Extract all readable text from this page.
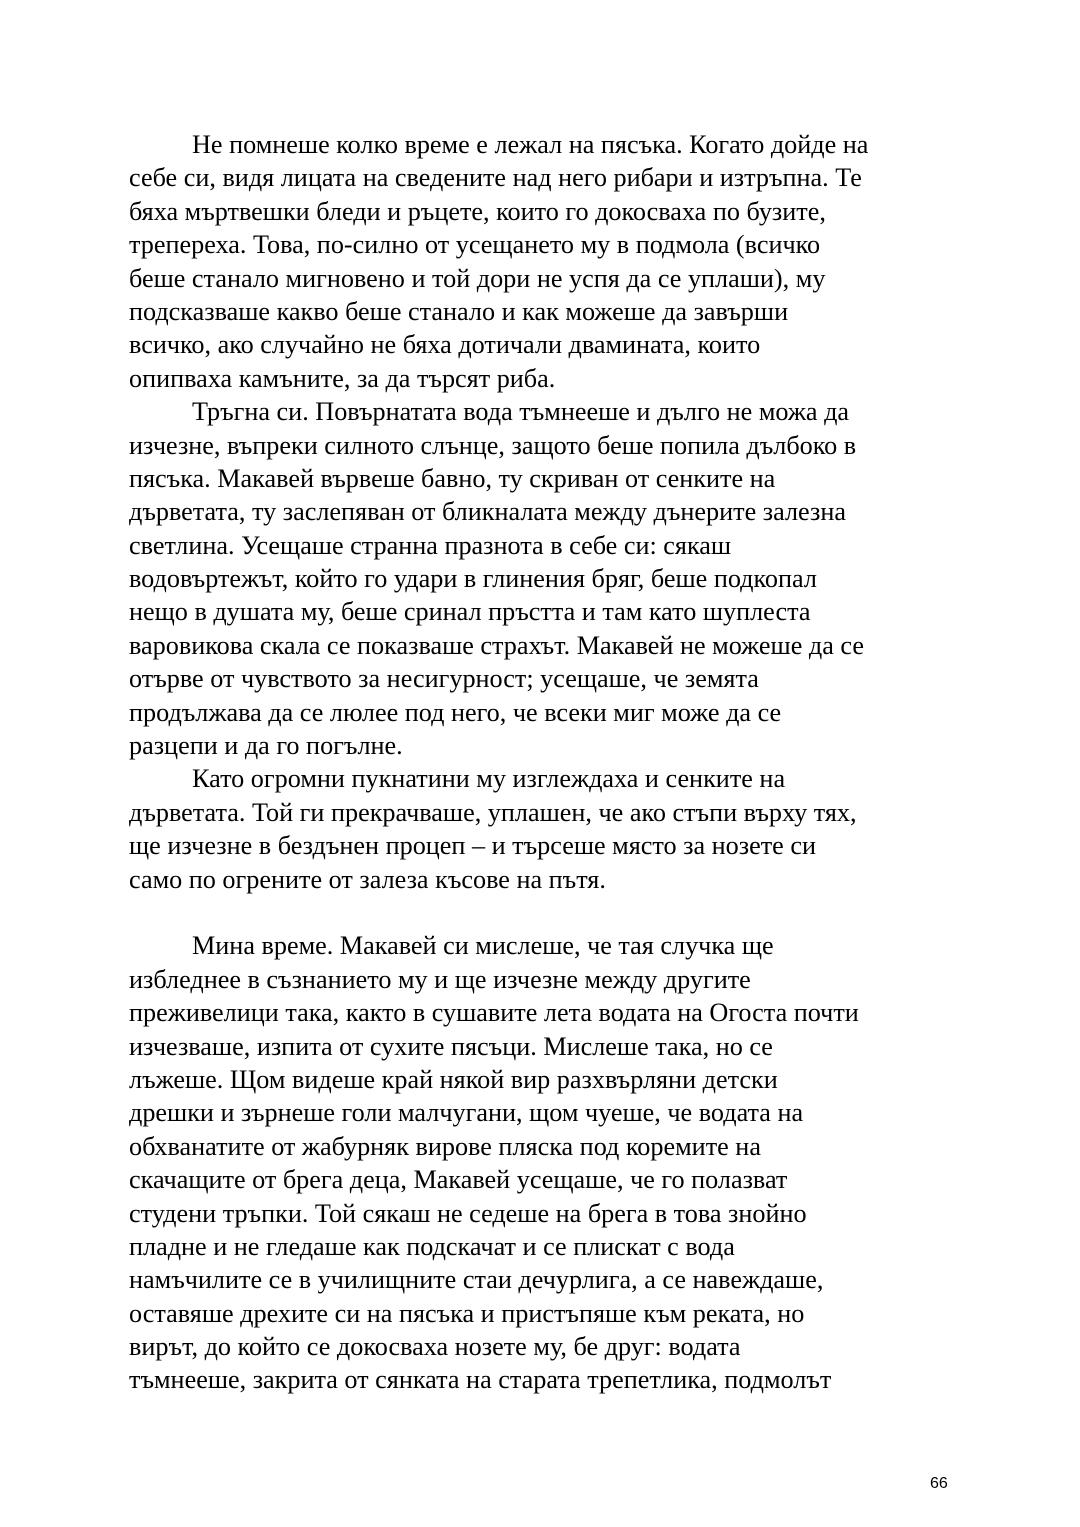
Не помнеше колко време е лежал на пясъка. Когато дойде на
себе си, видя лицата на сведените над него рибари и изтръпна. Те
бяха мъртвешки бледи и ръцете, които го докосваха по бузите,
трепереха. Това, по-силно от усещането му в подмола (всичко
беше станало мигновено и той дори не успя да се уплаши), му
подсказваше какво беше станало и как можеше да завърши
всичко, ако случайно не бяха дотичали двамината, които
опипваха камъните, за да търсят риба.
Тръгна си. Повърнатата вода тъмнееше и дълго не можа да
изчезне, въпреки силното слънце, защото беше попила дълбоко в
пясъка. Макавей вървеше бавно, ту скриван от сенките на
дърветата, ту заслепяван от бликналата между дънерите залезна
светлина. Усещаше странна празнота в себе си: сякаш
водовъртежът, който го удари в глинения бряг, беше подкопал
нещо в душата му, беше сринал пръстта и там като шуплеста
варовикова скала се показваше страхът. Макавей не можеше да се
отърве от чувството за несигурност; усещаше, че земята
продължава да се люлее под него, че всеки миг може да се
разцепи и да го погълне.
Като огромни пукнатини му изглеждаха и сенките на
дърветата. Той ги прекрачваше, уплашен, че ако стъпи върху тях,
ще изчезне в бездънен процеп – и търсеше място за нозете си
само по огрените от залеза късове на пътя.
Мина време. Макавей си мислеше, че тая случка ще
избледнее в съзнанието му и ще изчезне между другите
преживелици така, както в сушавите лета водата на Огоста почти
изчезваше, изпита от сухите пясъци. Мислеше така, но се
лъжеше. Щом видеше край някой вир разхвърляни детски
дрешки и зърнеше голи малчугани, щом чуеше, че водата на
обхванатите от жабурняк вирове пляска под коремите на
скачащите от брега деца, Макавей усещаше, че го полазват
студени тръпки. Той сякаш не седеше на брега в това знойно
пладне и не гледаше как подскачат и се плискат с вода
намъчилите се в училищните стаи дечурлига, а се навеждаше,
оставяше дрехите си на пясъка и пристъпяше към реката, но
вирът, до който се докосваха нозете му, бе друг: водата
тъмнееше, закрита от сянката на старата трепетлика, подмолът
66
